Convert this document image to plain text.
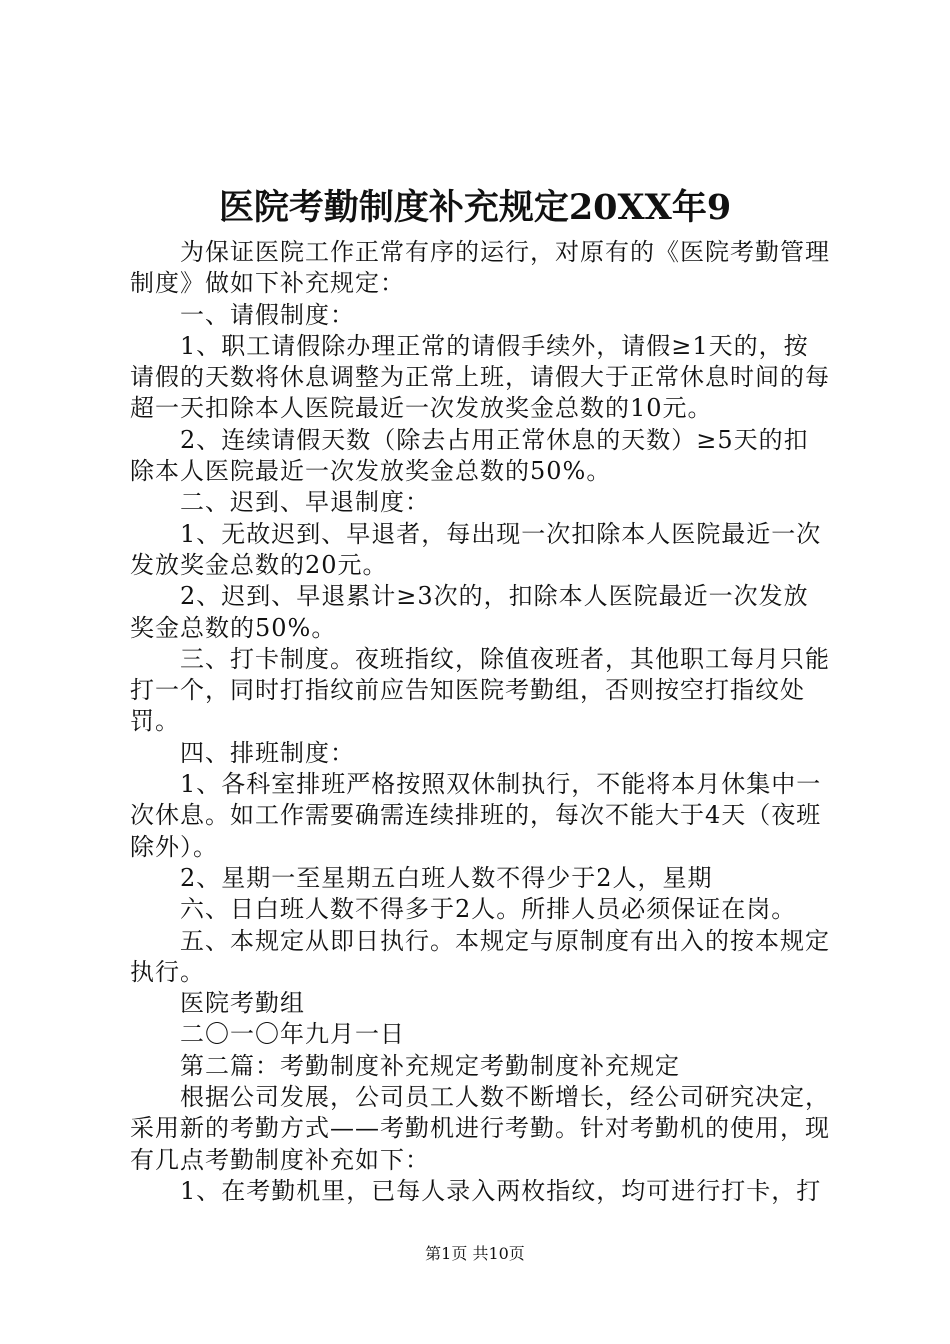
医院考勤制度补充规定20XX年9

为保证医院工作正常有序的运行，对原有的《医院考勤管理制度》做如下补充规定：

一、请假制度：

1、职工请假除办理正常的请假手续外，请假≥1天的，按请假的天数将休息调整为正常上班，请假大于正常休息时间的每超一天扣除本人医院最近一次发放奖金总数的10元。

2、连续请假天数（除去占用正常休息的天数）≥5天的扣除本人医院最近一次发放奖金总数的50%。

二、迟到、早退制度：

1、无故迟到、早退者，每出现一次扣除本人医院最近一次发放奖金总数的20元。

2、迟到、早退累计≥3次的，扣除本人医院最近一次发放奖金总数的50%。

三、打卡制度。夜班指纹，除值夜班者，其他职工每月只能打一个，同时打指纹前应告知医院考勤组，否则按空打指纹处罚。

四、排班制度：

1、各科室排班严格按照双休制执行，不能将本月休集中一次休息。如工作需要确需连续排班的，每次不能大于4天（夜班除外）。

2、星期一至星期五白班人数不得少于2人，星期

六、日白班人数不得多于2人。所排人员必须保证在岗。

五、本规定从即日执行。本规定与原制度有出入的按本规定执行。

医院考勤组

二〇一〇年九月一日

第二篇：考勤制度补充规定考勤制度补充规定

根据公司发展，公司员工人数不断增长，经公司研究决定，采用新的考勤方式——考勤机进行考勤。针对考勤机的使用，现有几点考勤制度补充如下：

1、在考勤机里，已每人录入两枚指纹，均可进行打卡，打

第1页 共10页
